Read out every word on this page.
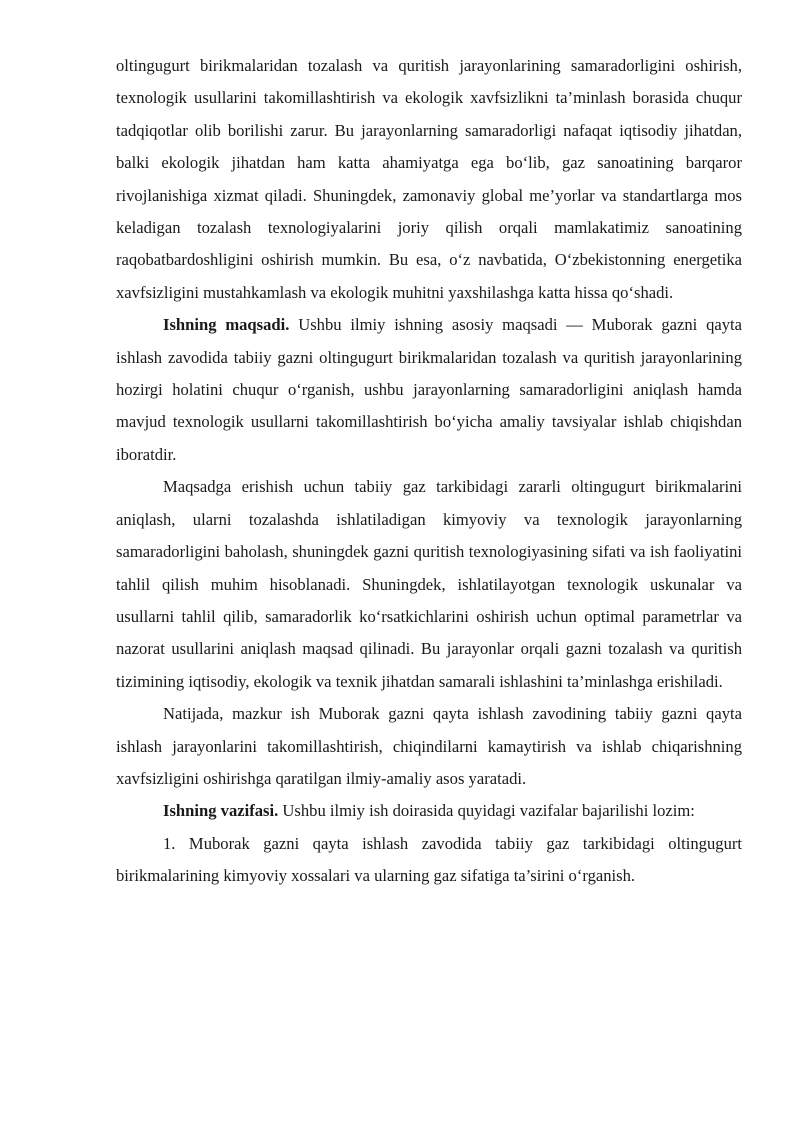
oltingugurt birikmalaridan tozalash va quritish jarayonlarining samaradorligini oshirish, texnologik usullarini takomillashtirish va ekologik xavfsizlikni ta’minlash borasida chuqur tadqiqotlar olib borilishi zarur. Bu jarayonlarning samaradorligi nafaqat iqtisodiy jihatdan, balki ekologik jihatdan ham katta ahamiyatga ega bo‘lib, gaz sanoatining barqaror rivojlanishiga xizmat qiladi. Shuningdek, zamonaviy global me’yorlar va standartlarga mos keladigan tozalash texnologiyalarini joriy qilish orqali mamlakatimiz sanoatining raqobatbardoshligini oshirish mumkin. Bu esa, o‘z navbatida, O‘zbekistonning energetika xavfsizligini mustahkamlash va ekologik muhitni yaxshilashga katta hissa qo‘shadi.

Ishning maqsadi. Ushbu ilmiy ishning asosiy maqsadi — Muborak gazni qayta ishlash zavodida tabiiy gazni oltingugurt birikmalaridan tozalash va quritish jarayonlarining hozirgi holatini chuqur o‘rganish, ushbu jarayonlarning samaradorligini aniqlash hamda mavjud texnologik usullarni takomillashtirish bo‘yicha amaliy tavsiyalar ishlab chiqishdan iboratdir.

Maqsadga erishish uchun tabiiy gaz tarkibidagi zararli oltingugurt birikmalarini aniqlash, ularni tozalashda ishlatiladigan kimyoviy va texnologik jarayonlarning samaradorligini baholash, shuningdek gazni quritish texnologiyasining sifati va ish faoliyatini tahlil qilish muhim hisoblanadi. Shuningdek, ishlatilayotgan texnologik uskunalar va usullarni tahlil qilib, samaradorlik ko‘rsatkichlarini oshirish uchun optimal parametrlar va nazorat usullarini aniqlash maqsad qilinadi. Bu jarayonlar orqali gazni tozalash va quritish tizimining iqtisodiy, ekologik va texnik jihatdan samarali ishlashini ta’minlashga erishiladi.

Natijada, mazkur ish Muborak gazni qayta ishlash zavodining tabiiy gazni qayta ishlash jarayonlarini takomillashtirish, chiqindilarni kamaytirish va ishlab chiqarishning xavfsizligini oshirishga qaratilgan ilmiy-amaliy asos yaratadi.

Ishning vazifasi. Ushbu ilmiy ish doirasida quyidagi vazifalar bajarilishi lozim:

1. Muborak gazni qayta ishlash zavodida tabiiy gaz tarkibidagi oltingugurt birikmalarining kimyoviy xossalari va ularning gaz sifatiga ta’sirini o‘rganish.
